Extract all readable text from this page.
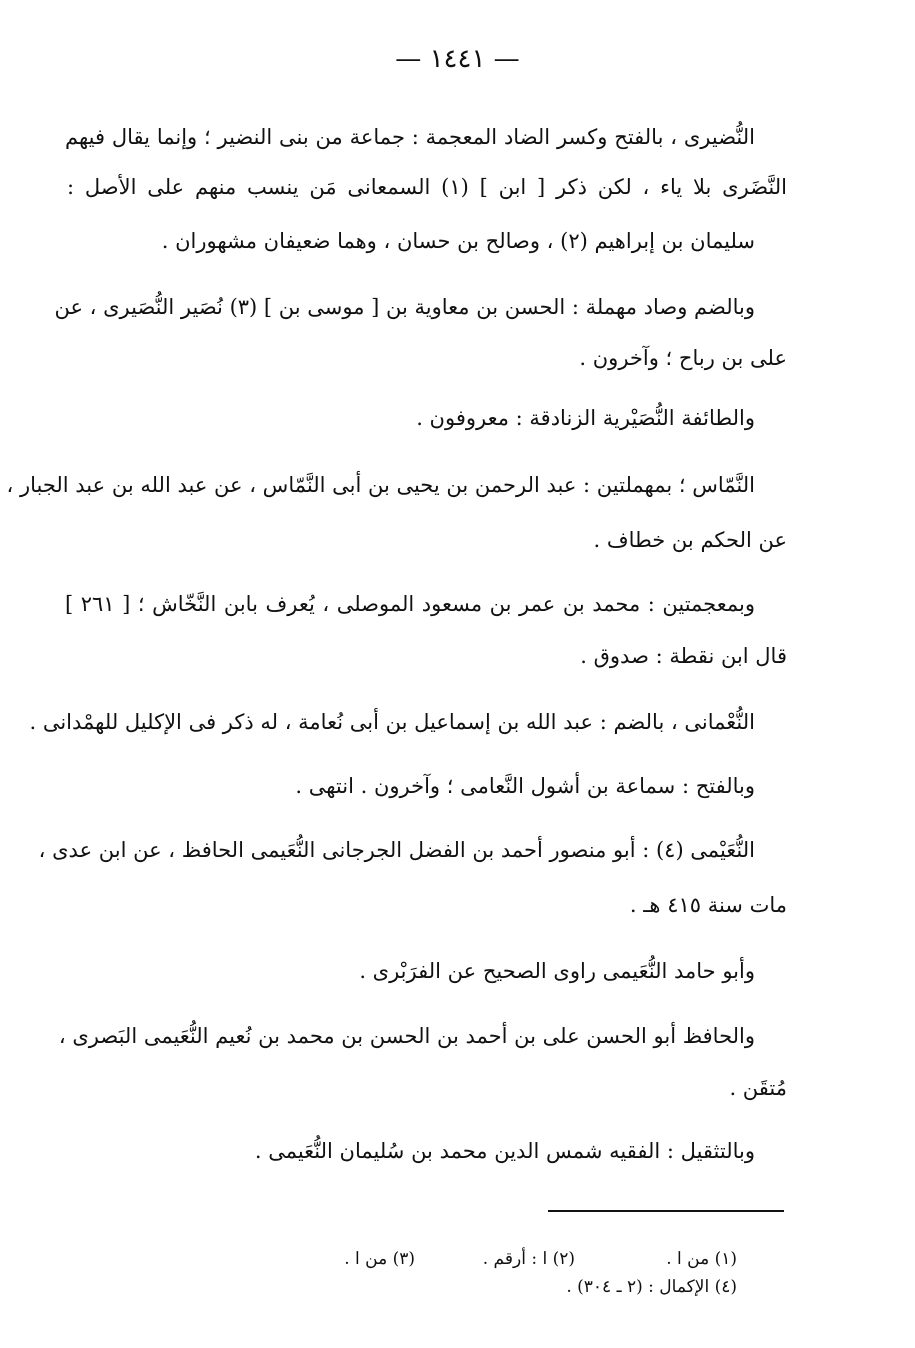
— ١٤٤١ —
النُّضيرى ، بالفتح وكسر الضاد المعجمة : جماعة من بنى النضير ؛ وإنما يقال فيهم
النَّضَرى بلا ياء ، لكن ذكر [ ابن ] (١) السمعانى مَن ينسب منهم على الأصل :
سليمان بن إبراهيم (٢) ، وصالح بن حسان ، وهما ضعيفان مشهوران .
وبالضم وصاد مهملة : الحسن بن معاوية بن [ موسى بن ] (٣) نُصَير النُّصَيرى ، عن
على بن رباح ؛ وآخرون .
والطائفة النُّصَيْرية الزنادقة : معروفون .
النَّمّاس ؛ بمهملتين : عبد الرحمن بن يحيى بن أبى النَّمّاس ، عن عبد الله بن عبد الجبار ،
عن الحكم بن خطاف .
وبمعجمتين : محمد بن عمر بن مسعود الموصلى ، يُعرف بابن النَّخّاش ؛ [ ٢٦١ ]
قال ابن نقطة : صدوق .
النُّعْمانى ، بالضم : عبد الله بن إسماعيل بن أبى نُعامة ، له ذكر فى الإكليل للهمْدانى .
وبالفتح : سماعة بن أشول النَّعامى ؛ وآخرون . انتهى .
النُّعَيْمى (٤) : أبو منصور أحمد بن الفضل الجرجانى النُّعَيمى الحافظ ، عن ابن عدى ،
مات سنة ٤١٥ هـ .
وأبو حامد النُّعَيمى راوى الصحيح عن الفرَبْرى .
والحافظ أبو الحسن على بن أحمد بن الحسن بن محمد بن نُعيم النُّعَيمى البَصرى ،
مُتقَن .
وبالتثقيل : الفقيه شمس الدين محمد بن سُليمان النُّعَيمى .
(١) من ا .
(٢) ا : أرقم .
(٣) من ا .
(٤) الإكمال : (٢ ـ ٣٠٤) .
